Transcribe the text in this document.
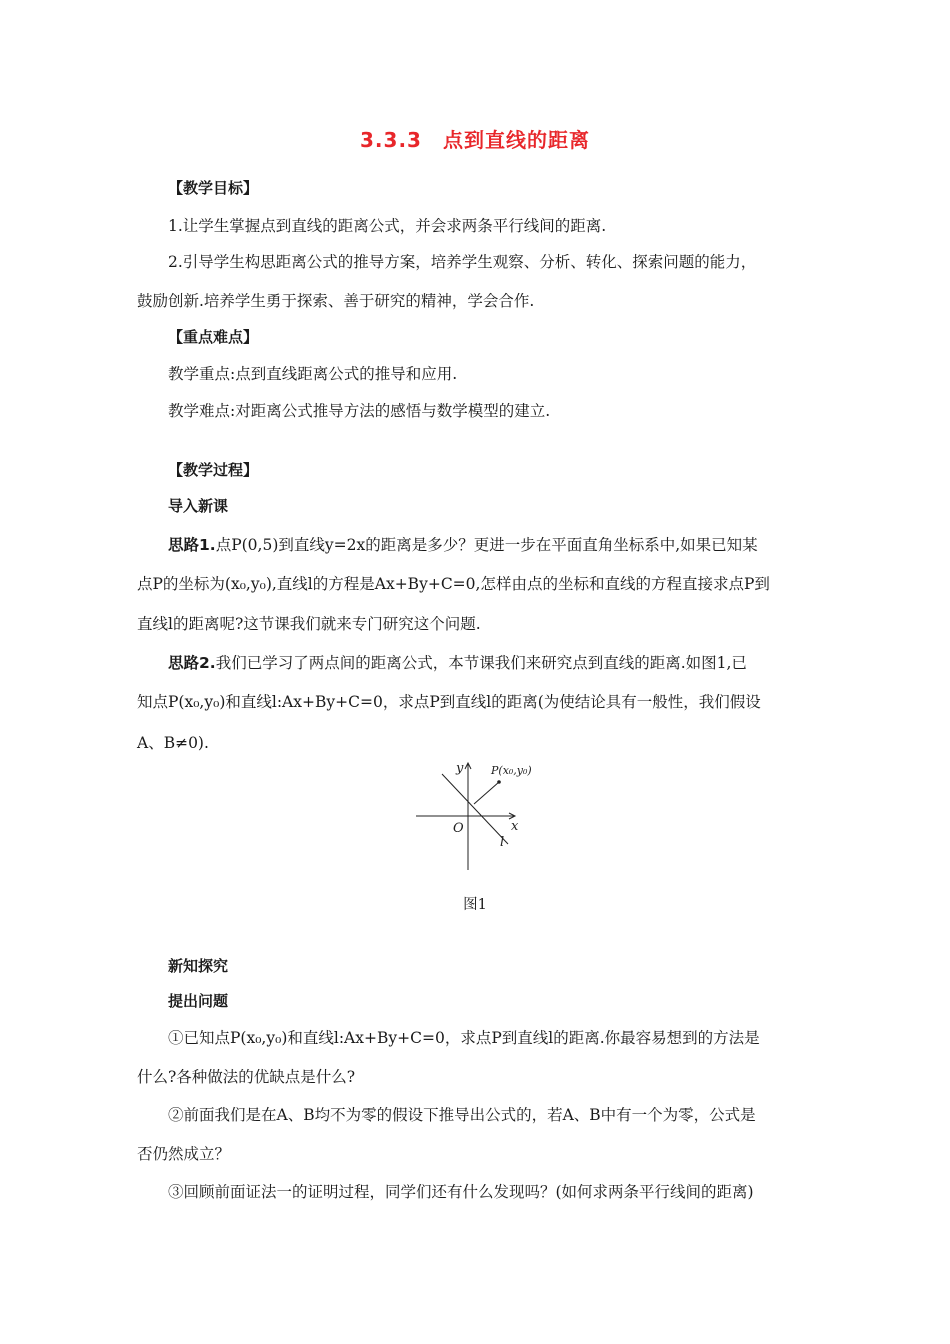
3.3.3　点到直线的距离
【教学目标】
1.让学生掌握点到直线的距离公式，并会求两条平行线间的距离.
2.引导学生构思距离公式的推导方案，培养学生观察、分析、转化、探索问题的能力，
鼓励创新.培养学生勇于探索、善于研究的精神，学会合作.
【重点难点】
教学重点:点到直线距离公式的推导和应用.
教学难点:对距离公式推导方法的感悟与数学模型的建立.
【教学过程】
导入新课
思路1.点P(0,5)到直线y=2x的距离是多少？更进一步在平面直角坐标系中,如果已知某
点P的坐标为(x₀,y₀),直线l的方程是Ax+By+C=0,怎样由点的坐标和直线的方程直接求点P到
直线l的距离呢?这节课我们就来专门研究这个问题.
思路2.我们已学习了两点间的距离公式，本节课我们来研究点到直线的距离.如图1,已
知点P(x₀,y₀)和直线l:Ax+By+C=0，求点P到直线l的距离(为使结论具有一般性，我们假设
A、B≠0).
y
x
O
l
P(x₀,y₀)
图1
新知探究
提出问题
①已知点P(x₀,y₀)和直线l:Ax+By+C=0，求点P到直线l的距离.你最容易想到的方法是
什么?各种做法的优缺点是什么?
②前面我们是在A、B均不为零的假设下推导出公式的，若A、B中有一个为零，公式是
否仍然成立？
③回顾前面证法一的证明过程，同学们还有什么发现吗？(如何求两条平行线间的距离)
